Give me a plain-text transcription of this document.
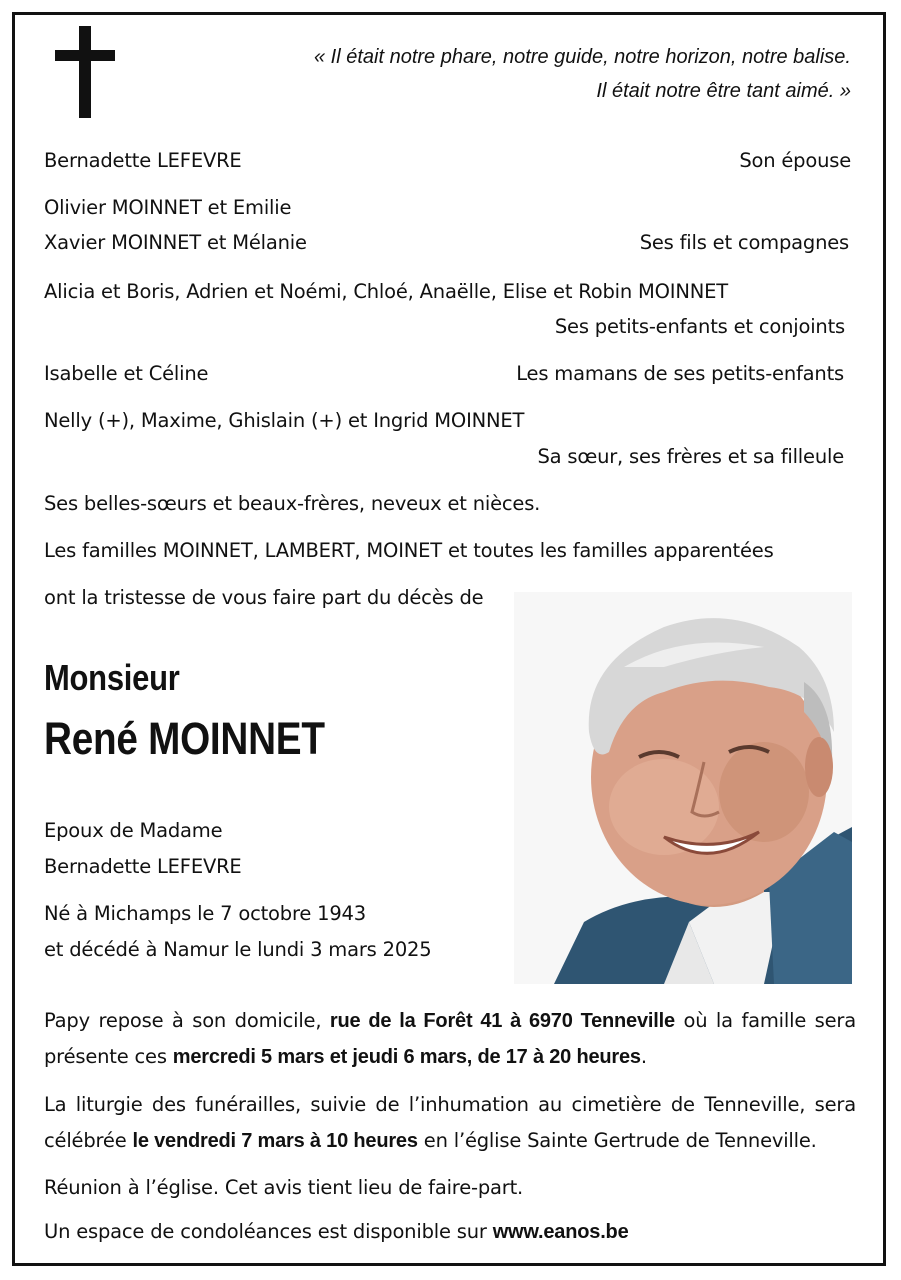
« Il était notre phare, notre guide, notre horizon, notre balise.
Il était notre être tant aimé. »
Bernadette LEFEVRE	Son épouse
Olivier MOINNET et Emilie
Xavier MOINNET et Mélanie	Ses fils et compagnes
Alicia et Boris, Adrien et Noémi, Chloé, Anaëlle, Elise et Robin MOINNET
Ses petits-enfants et conjoints
Isabelle et Céline	Les mamans de ses petits-enfants
Nelly (+), Maxime, Ghislain (+) et Ingrid MOINNET
Sa sœur, ses frères et sa filleule
Ses belles-sœurs et beaux-frères, neveux et nièces.
Les familles MOINNET, LAMBERT, MOINET et toutes les familles apparentées
ont la tristesse de vous faire part du décès de
Monsieur
René MOINNET
Epoux de Madame
Bernadette LEFEVRE
Né à Michamps le 7 octobre 1943
et décédé à Namur le lundi 3 mars 2025
Papy repose à son domicile, rue de la Forêt 41 à 6970 Tenneville où la famille sera présente ces mercredi 5 mars et jeudi 6 mars, de 17 à 20 heures.
La liturgie des funérailles, suivie de l’inhumation au cimetière de Tenneville, sera célébrée le vendredi 7 mars à 10 heures en l’église Sainte Gertrude de Tenneville.
Réunion à l’église. Cet avis tient lieu de faire-part.
Un espace de condoléances est disponible sur www.eanos.be
